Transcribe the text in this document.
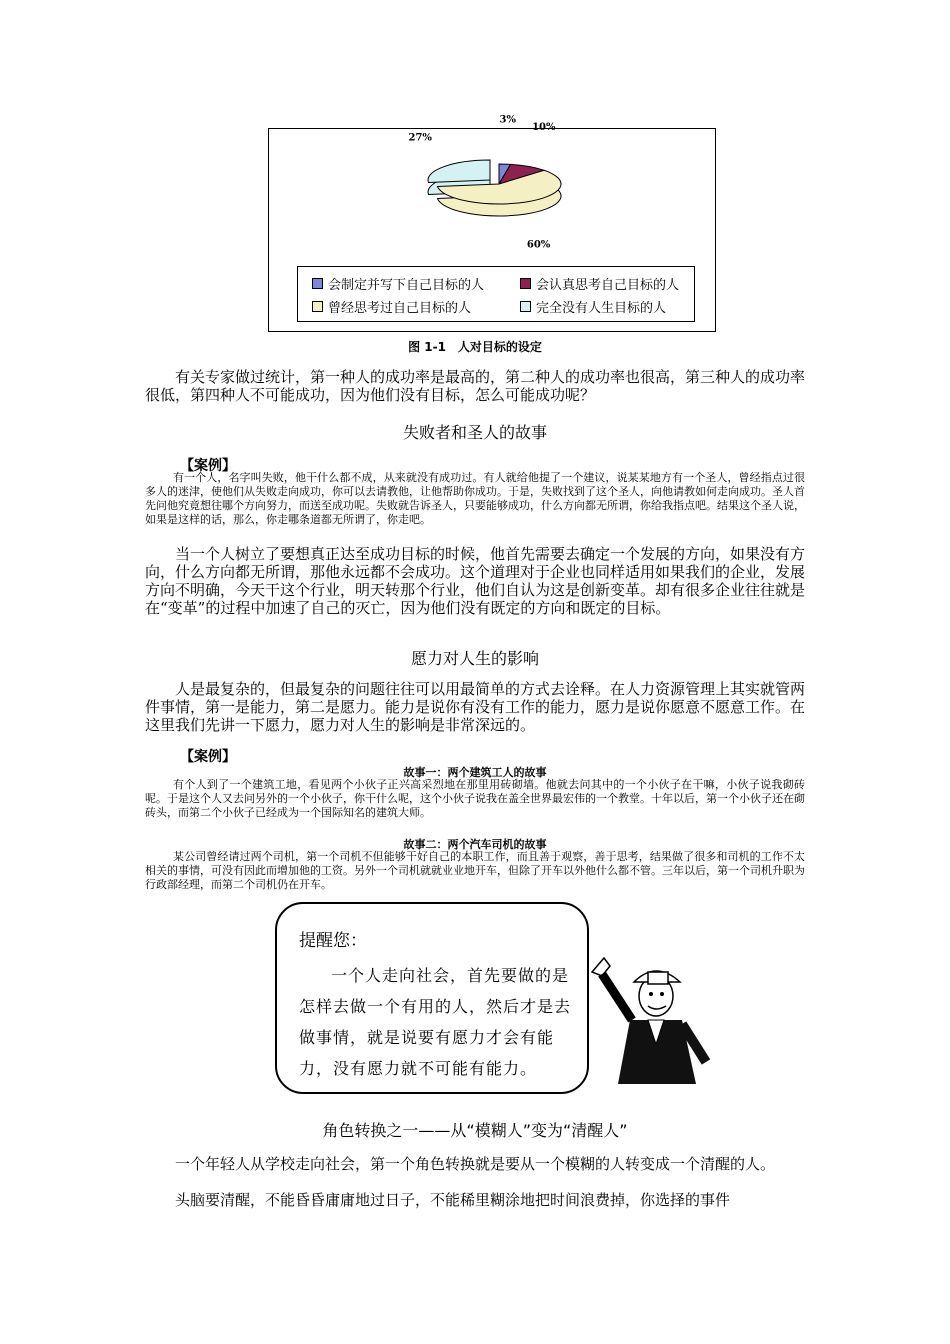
3%
10%
60%
27%
会制定并写下自己目标的人	会认真思考自己目标的人
曾经思考过自己目标的人	完全没有人生目标的人
图 1-1　人对目标的设定
有关专家做过统计，第一种人的成功率是最高的，第二种人的成功率也很高，第三种人的成功率很低，第四种人不可能成功，因为他们没有目标，怎么可能成功呢？
失败者和圣人的故事
【案例】
有一个人，名字叫失败，他干什么都不成，从来就没有成功过。有人就给他提了一个建议，说某某地方有一个圣人，曾经指点过很多人的迷津，使他们从失败走向成功，你可以去请教他，让他帮助你成功。于是，失败找到了这个圣人，向他请教如何走向成功。圣人首先问他究竟想往哪个方向努力，而送至成功呢。失败就告诉圣人，只要能够成功，什么方向都无所谓，你给我指点吧。结果这个圣人说，如果是这样的话，那么，你走哪条道都无所谓了，你走吧。
当一个人树立了要想真正达至成功目标的时候，他首先需要去确定一个发展的方向，如果没有方向，什么方向都无所谓，那他永远都不会成功。这个道理对于企业也同样适用如果我们的企业，发展方向不明确，今天干这个行业，明天转那个行业，他们自认为这是创新变革。却有很多企业往往就是在“变革”的过程中加速了自己的灭亡，因为他们没有既定的方向和既定的目标。
愿力对人生的影响
人是最复杂的，但最复杂的问题往往可以用最简单的方式去诠释。在人力资源管理上其实就管两件事情，第一是能力，第二是愿力。能力是说你有没有工作的能力，愿力是说你愿意不愿意工作。在这里我们先讲一下愿力，愿力对人生的影响是非常深远的。
【案例】
故事一：两个建筑工人的故事
有个人到了一个建筑工地，看见两个小伙子正兴高采烈地在那里用砖砌墙。他就去问其中的一个小伙子在干嘛，小伙子说我砌砖呢。于是这个人又去问另外的一个小伙子，你干什么呢，这个小伙子说我在盖全世界最宏伟的一个教堂。十年以后，第一个小伙子还在砌砖头，而第二个小伙子已经成为一个国际知名的建筑大师。
故事二：两个汽车司机的故事
某公司曾经请过两个司机，第一个司机不但能够干好自己的本职工作，而且善于观察，善于思考，结果做了很多和司机的工作不太相关的事情，可没有因此而增加他的工资。另外一个司机就就业业地开车，但除了开车以外他什么都不管。三年以后，第一个司机升职为行政部经理，而第二个司机仍在开车。
提醒您：
一个人走向社会，首先要做的是怎样去做一个有用的人，然后才是去做事情，就是说要有愿力才会有能力，没有愿力就不可能有能力。
角色转换之一——从“模糊人”变为“清醒人”
一个年轻人从学校走向社会，第一个角色转换就是要从一个模糊的人转变成一个清醒的人。
头脑要清醒，不能昏昏庸庸地过日子，不能稀里糊涂地把时间浪费掉，你选择的事件
